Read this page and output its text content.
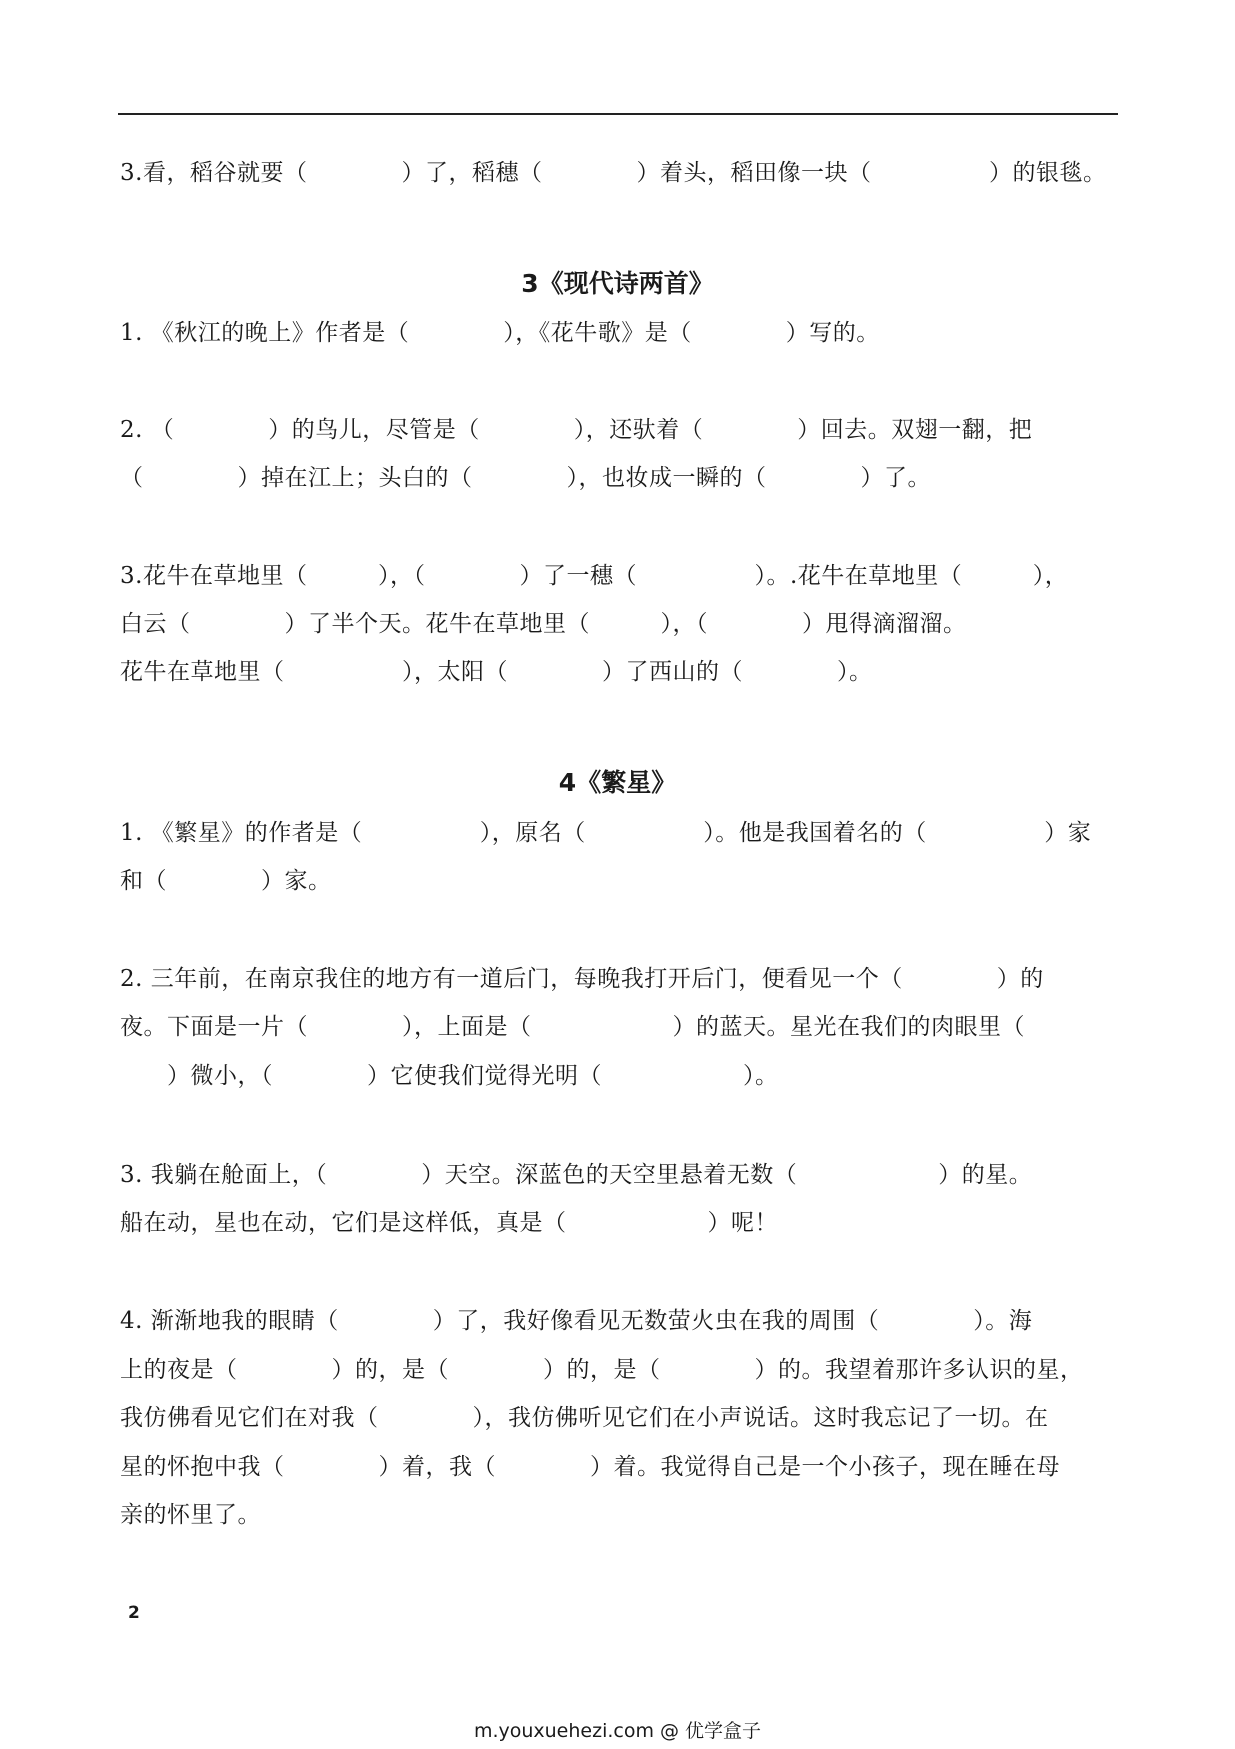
3.看，稻谷就要（　　　　）了，稻穗（　　　　）着头，稻田像一块（　　　　　）的银毯。
3《现代诗两首》
1. 《秋江的晚上》作者是（　　　　），《花牛歌》是（　　　　）写的。
2. （　　　　）的鸟儿，尽管是（　　　　），还驮着（　　　　）回去。双翅一翻，把
（　　　　）掉在江上；头白的（　　　　），也妆成一瞬的（　　　　）了。
3.花牛在草地里（　　　），（　　　　）了一穗（　　　　　）。.花牛在草地里（　　　），
白云（　　　　）了半个天。花牛在草地里（　　　），（　　　　）甩得滴溜溜。
花牛在草地里（　　　　　），太阳（　　　　）了西山的（　　　　）。
4《繁星》
1. 《繁星》的作者是（　　　　　），原名（　　　　　）。他是我国着名的（　　　　　）家
和（　　　　）家。
2. 三年前，在南京我住的地方有一道后门，每晚我打开后门，便看见一个（　　　　）的
夜。下面是一片（　　　　），上面是（　　　　　　）的蓝天。星光在我们的肉眼里（
　　）微小，（　　　　）它使我们觉得光明（　　　　　　）。
3. 我躺在舱面上，（　　　　）天空。深蓝色的天空里悬着无数（　　　　　　）的星。
船在动，星也在动，它们是这样低，真是（　　　　　　）呢！
4. 渐渐地我的眼睛（　　　　）了，我好像看见无数萤火虫在我的周围（　　　　）。海
上的夜是（　　　　）的，是（　　　　）的，是（　　　　）的。我望着那许多认识的星，
我仿佛看见它们在对我（　　　　），我仿佛听见它们在小声说话。这时我忘记了一切。在
星的怀抱中我（　　　　）着，我（　　　　）着。我觉得自己是一个小孩子，现在睡在母
亲的怀里了。
2
m.youxuehezi.com @ 优学盒子
